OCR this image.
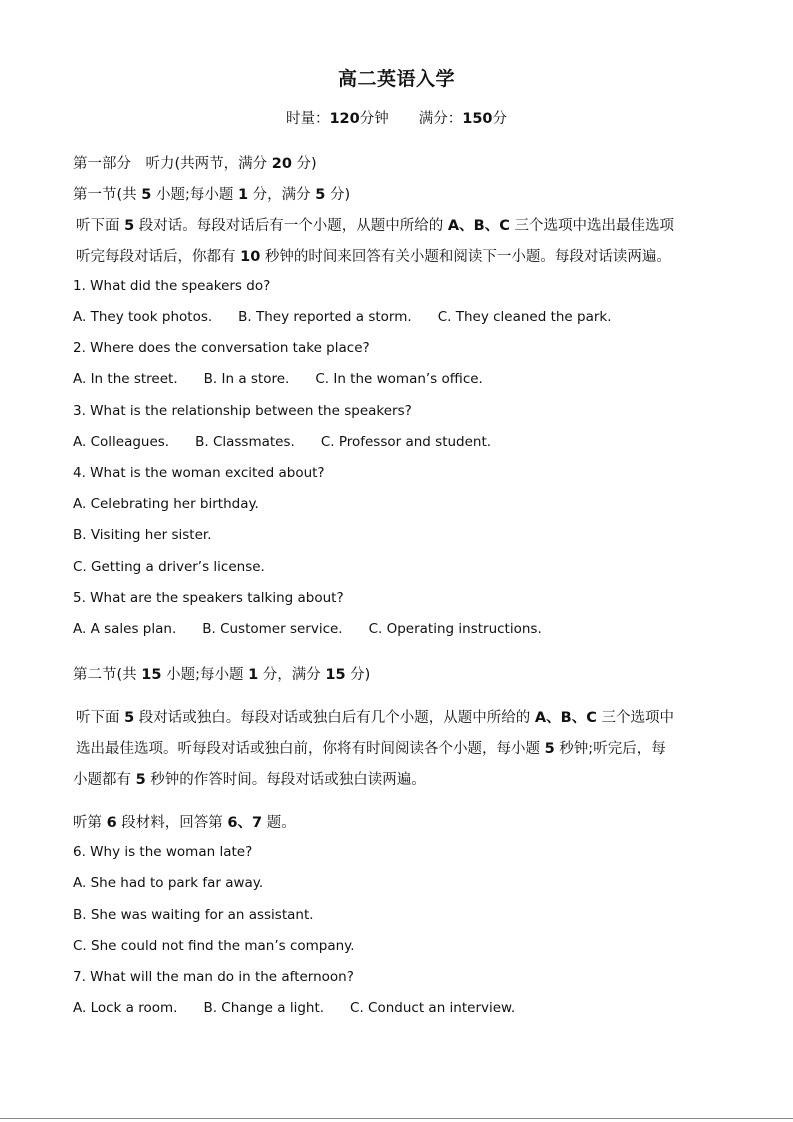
高二英语入学
时量：120分钟 满分：150分
第一部分　听力(共两节，满分 20 分)
第一节(共 5 小题;每小题 1 分，满分 5 分)
听下面 5 段对话。每段对话后有一个小题，从题中所给的 A、B、C 三个选项中选出最佳选项
听完每段对话后，你都有 10 秒钟的时间来回答有关小题和阅读下一小题。每段对话读两遍。
1. What did the speakers do?
A. They took photos. B. They reported a storm. C. They cleaned the park.
2. Where does the conversation take place?
A. In the street. B. In a store. C. In the woman’s office.
3. What is the relationship between the speakers?
A. Colleagues. B. Classmates. C. Professor and student.
4. What is the woman excited about?
A. Celebrating her birthday.
B. Visiting her sister.
C. Getting a driver’s license.
5. What are the speakers talking about?
A. A sales plan. B. Customer service. C. Operating instructions.
第二节(共 15 小题;每小题 1 分，满分 15 分)
听下面 5 段对话或独白。每段对话或独白后有几个小题，从题中所给的 A、B、C 三个选项中
选出最佳选项。听每段对话或独白前，你将有时间阅读各个小题，每小题 5 秒钟;听完后，每
小题都有 5 秒钟的作答时间。每段对话或独白读两遍。
听第 6 段材料，回答第 6、7 题。
6. Why is the woman late?
A. She had to park far away.
B. She was waiting for an assistant.
C. She could not find the man’s company.
7. What will the man do in the afternoon?
A. Lock a room. B. Change a light. C. Conduct an interview.
